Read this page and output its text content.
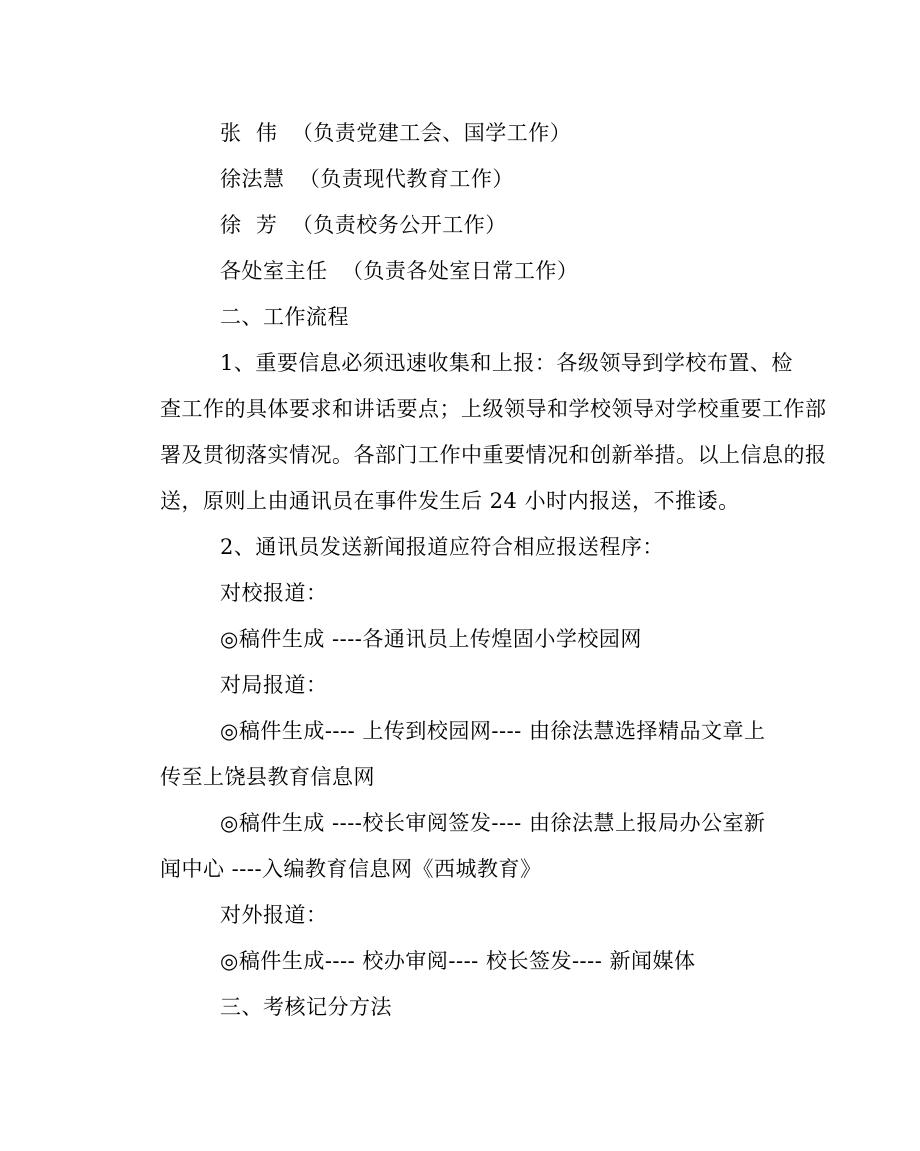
张  伟  （负责党建工会、国学工作）

徐法慧  （负责现代教育工作）

徐  芳  （负责校务公开工作）

各处室主任  （负责各处室日常工作）

二、工作流程

1、重要信息必须迅速收集和上报：各级领导到学校布置、检
查工作的具体要求和讲话要点；上级领导和学校领导对学校重要工作部
署及贯彻落实情况。各部门工作中重要情况和创新举措。以上信息的报
送，原则上由通讯员在事件发生后 24 小时内报送，不推诿。

2、通讯员发送新闻报道应符合相应报送程序：

对校报道：

◎稿件生成 ----各通讯员上传煌固小学校园网

对局报道：

◎稿件生成---- 上传到校园网---- 由徐法慧选择精品文章上
传至上饶县教育信息网
◎稿件生成 ----校长审阅签发---- 由徐法慧上报局办公室新
闻中心 ----入编教育信息网《西城教育》

对外报道：

◎稿件生成---- 校办审阅---- 校长签发---- 新闻媒体

三、考核记分方法
